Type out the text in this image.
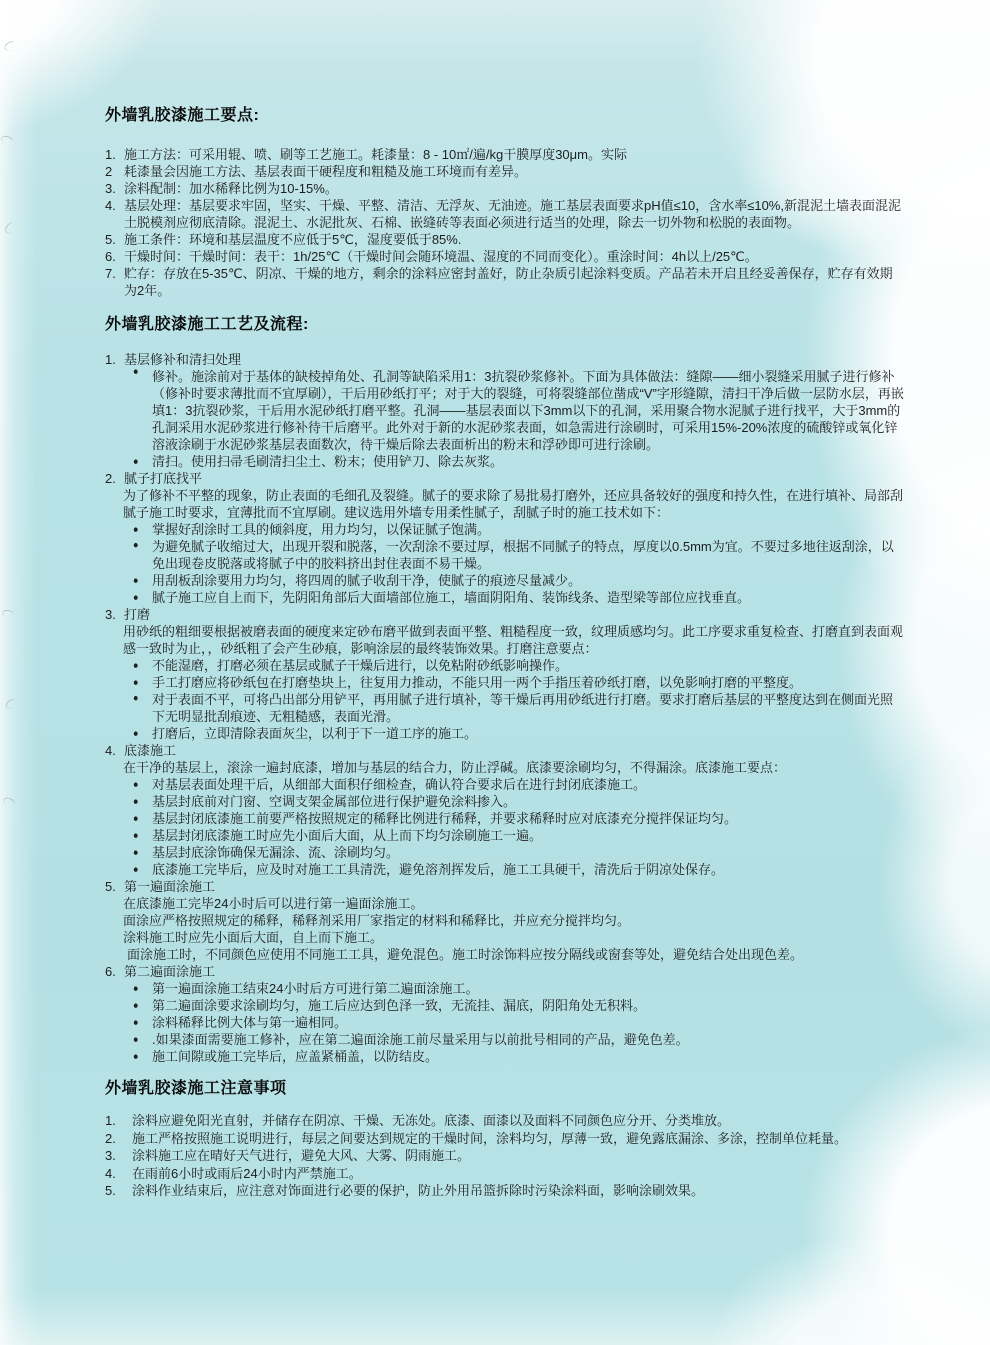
外墙乳胶漆施工要点:
1. 施工方法：可采用辊、喷、刷等工艺施工。耗漆量：8 - 10㎡/遍/kg干膜厚度30μm。实际
2 耗漆量会因施工方法、基层表面干硬程度和粗糙及施工环境而有差异。
3. 涂料配制：加水稀释比例为10-15%。
4. 基层处理：基层要求牢固，坚实、干燥、平整、清洁、无浮灰、无油迹。施工基层表面要求pH值≤10，含水率≤10%,新混泥土墙表面混泥土脱模剂应彻底清除。混泥土、水泥批灰、石棉、嵌缝砖等表面必须进行适当的处理，除去一切外物和松脱的表面物。
5. 施工条件：环境和基层温度不应低于5℃，湿度要低于85%.
6. 干燥时间：干燥时间：表干：1h/25℃（干燥时间会随环境温、湿度的不同而变化）。重涂时间：4h以上/25℃。
7. 贮存：存放在5-35℃、阴凉、干燥的地方，剩余的涂料应密封盖好，防止杂质引起涂料变质。产品若未开启且经妥善保存，贮存有效期为2年。
外墙乳胶漆施工工艺及流程:
1. 基层修补和清扫处理
●	修补。施涂前对于基体的缺棱掉角处、孔洞等缺陷采用1：3抗裂砂浆修补。下面为具体做法：缝隙——细小裂缝采用腻子进行修补（修补时要求薄批而不宜厚刷），干后用砂纸打平；对于大的裂缝，可将裂缝部位凿成“V”字形缝隙，清扫干净后做一层防水层，再嵌填1：3抗裂砂浆，干后用水泥砂纸打磨平整。孔洞——基层表面以下3mm以下的孔洞，采用聚合物水泥腻子进行找平，大于3mm的孔洞采用水泥砂浆进行修补待干后磨平。此外对于新的水泥砂浆表面，如急需进行涂刷时，可采用15%-20%浓度的硫酸锌或氧化锌溶液涂刷于水泥砂浆基层表面数次，待干燥后除去表面析出的粉末和浮砂即可进行涂刷。
●	清扫。使用扫帚毛刷清扫尘土、粉末；使用铲刀、除去灰浆。
2. 腻子打底找平
为了修补不平整的现象，防止表面的毛细孔及裂缝。腻子的要求除了易批易打磨外，还应具备较好的强度和持久性，在进行填补、局部刮腻子施工时要求，宜薄批而不宜厚刷。建议选用外墙专用柔性腻子，刮腻子时的施工技术如下：
●	掌握好刮涂时工具的倾斜度，用力均匀，以保证腻子饱满。
●	为避免腻子收缩过大，出现开裂和脱落，一次刮涂不要过厚，根据不同腻子的特点，厚度以0.5mm为宜。不要过多地往返刮涂，以免出现卷皮脱落或将腻子中的胶料挤出封住表面不易干燥。
●	用刮板刮涂要用力均匀，将四周的腻子收刮干净，使腻子的痕迹尽量减少。
●	腻子施工应自上而下，先阴阳角部后大面墙部位施工，墙面阴阳角、装饰线条、造型梁等部位应找垂直。
3. 打磨
用砂纸的粗细要根据被磨表面的硬度来定砂布磨平做到表面平整、粗糙程度一致，纹理质感均匀。此工序要求重复检查、打磨直到表面观感一致时为止，，砂纸粗了会产生砂痕，影响涂层的最终装饰效果。打磨注意要点：
●	不能湿磨，打磨必须在基层或腻子干燥后进行，以免粘附砂纸影响操作。
●	手工打磨应将砂纸包在打磨垫块上，往复用力推动，不能只用一两个手指压着砂纸打磨，以免影响打磨的平整度。
●	对于表面不平，可将凸出部分用铲平，再用腻子进行填补，等干燥后再用砂纸进行打磨。要求打磨后基层的平整度达到在侧面光照下无明显批刮痕迹、无粗糙感，表面光滑。
●	打磨后，立即清除表面灰尘，以利于下一道工序的施工。
4. 底漆施工
在干净的基层上，滚涂一遍封底漆，增加与基层的结合力，防止浮碱。底漆要涂刷均匀，不得漏涂。底漆施工要点：
●	对基层表面处理干后，从细部大面积仔细检查，确认符合要求后在进行封闭底漆施工。
●	基层封底前对门窗、空调支架金属部位进行保护避免涂料掺入。
●	基层封闭底漆施工前要严格按照规定的稀释比例进行稀释，并要求稀释时应对底漆充分搅拌保证均匀。
●	基层封闭底漆施工时应先小面后大面，从上而下均匀涂刷施工一遍。
●	基层封底涂饰确保无漏涂、流、涂刷均匀。
●	底漆施工完毕后，应及时对施工工具清洗，避免溶剂挥发后，施工工具硬干，清洗后于阴凉处保存。
5. 第一遍面涂施工
在底漆施工完毕24小时后可以进行第一遍面涂施工。
面涂应严格按照规定的稀释，稀释剂采用厂家指定的材料和稀释比，并应充分搅拌均匀。
涂料施工时应先小面后大面，自上而下施工。
面涂施工时，不同颜色应使用不同施工工具，避免混色。施工时涂饰料应按分隔线或窗套等处，避免结合处出现色差。
6. 第二遍面涂施工
●	第一遍面涂施工结束24小时后方可进行第二遍面涂施工。
●	第二遍面涂要求涂刷均匀，施工后应达到色泽一致，无流挂、漏底，阴阳角处无积料。
●	涂料稀释比例大体与第一遍相同。
●	.如果漆面需要施工修补，应在第二遍面涂施工前尽量采用与以前批号相同的产品，避免色差。
●	施工间隙或施工完毕后，应盖紧桶盖，以防结皮。
外墙乳胶漆施工注意事项
1.	涂料应避免阳光直射，并储存在阴凉、干燥、无冻处。底漆、面漆以及面料不同颜色应分开、分类堆放。
2.	施工严格按照施工说明进行，每层之间要达到规定的干燥时间，涂料均匀，厚薄一致，避免露底漏涂、多涂，控制单位耗量。
3.	涂料施工应在晴好天气进行，避免大风、大雾、阴雨施工。
4.	在雨前6小时或雨后24小时内严禁施工。
5.	涂料作业结束后，应注意对饰面进行必要的保护，防止外用吊篮拆除时污染涂料面，影响涂刷效果。
